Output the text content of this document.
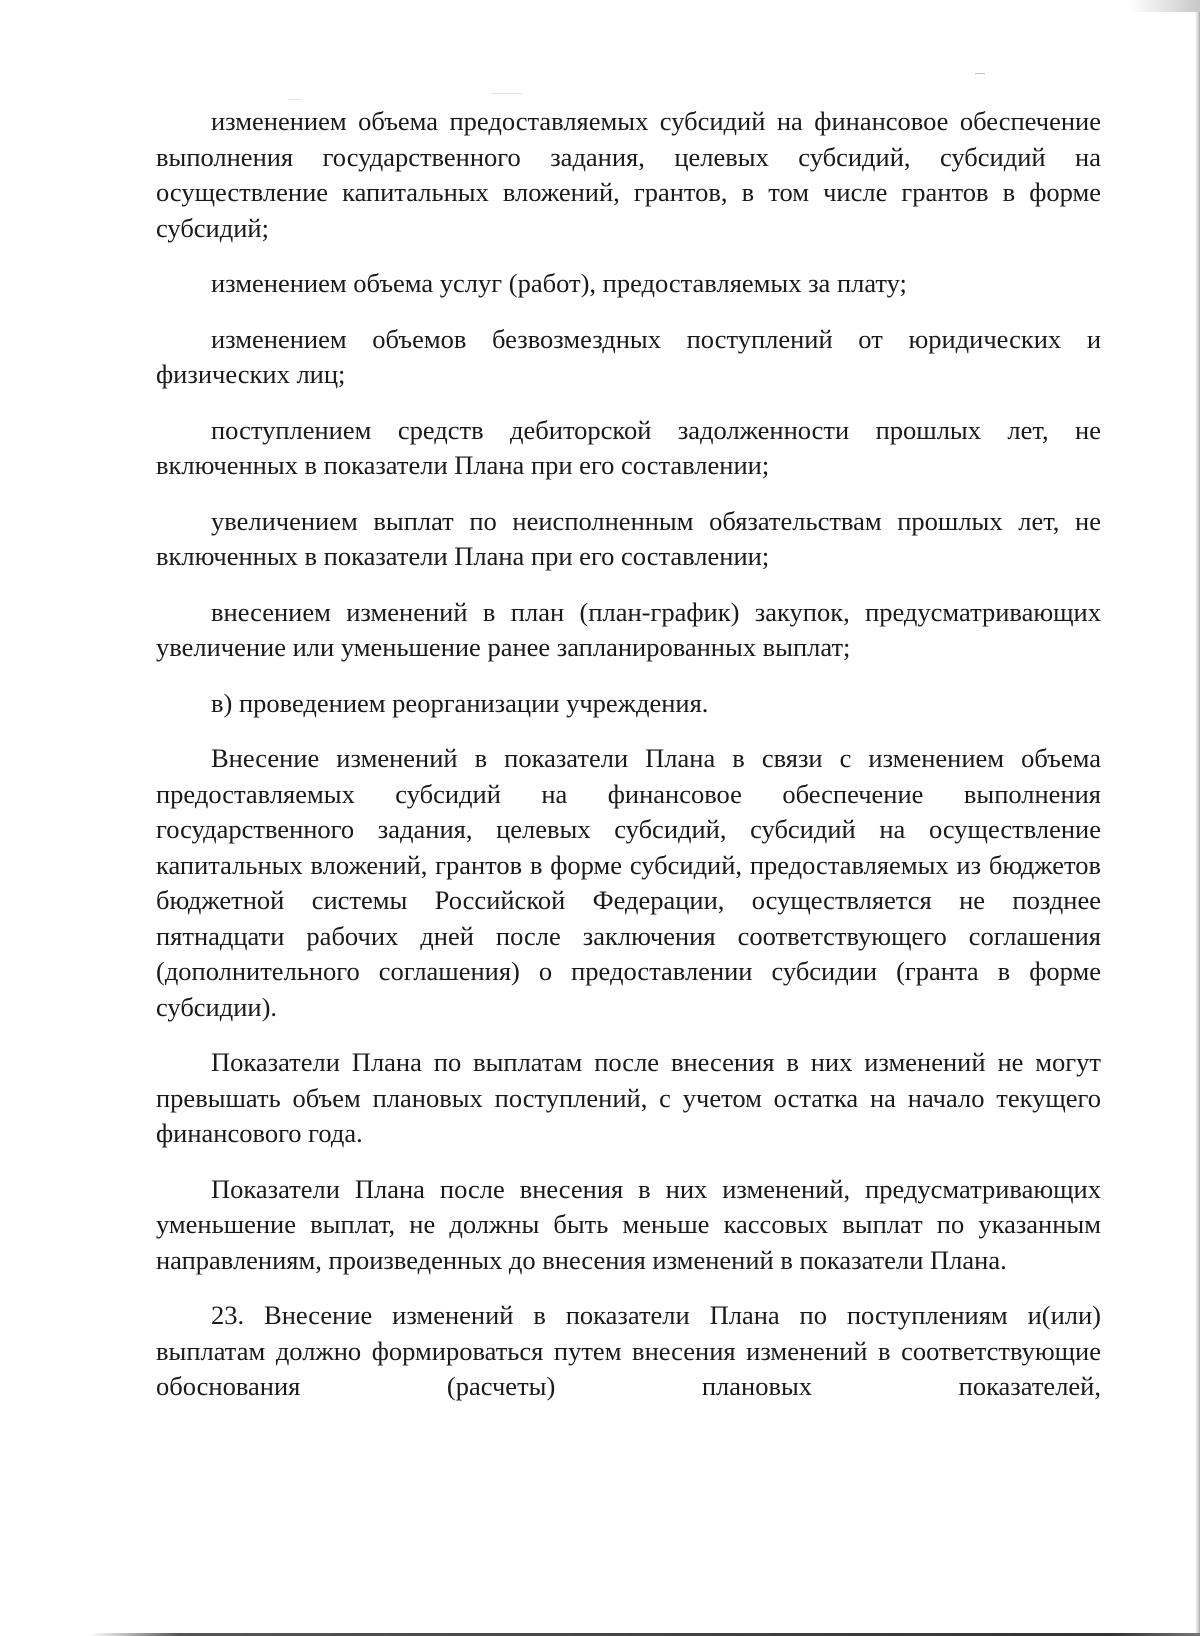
изменением объема предоставляемых субсидий на финансовое обеспечение выполнения государственного задания, целевых субсидий, субсидий на осуществление капитальных вложений, грантов, в том числе грантов в форме субсидий;

изменением объема услуг (работ), предоставляемых за плату;

изменением объемов безвозмездных поступлений от юридических и физических лиц;

поступлением средств дебиторской задолженности прошлых лет, не включенных в показатели Плана при его составлении;

увеличением выплат по неисполненным обязательствам прошлых лет, не включенных в показатели Плана при его составлении;

внесением изменений в план (план-график) закупок, предусматривающих увеличение или уменьшение ранее запланированных выплат;

в) проведением реорганизации учреждения.

Внесение изменений в показатели Плана в связи с изменением объема предоставляемых субсидий на финансовое обеспечение выполнения государственного задания, целевых субсидий, субсидий на осуществление капитальных вложений, грантов в форме субсидий, предоставляемых из бюджетов бюджетной системы Российской Федерации, осуществляется не позднее пятнадцати рабочих дней после заключения соответствующего соглашения (дополнительного соглашения) о предоставлении субсидии (гранта в форме субсидии).

Показатели Плана по выплатам после внесения в них изменений не могут превышать объем плановых поступлений, с учетом остатка на начало текущего финансового года.

Показатели Плана после внесения в них изменений, предусматривающих уменьшение выплат, не должны быть меньше кассовых выплат по указанным направлениям, произведенных до внесения изменений в показатели Плана.

23. Внесение изменений в показатели Плана по поступлениям и(или) выплатам должно формироваться путем внесения изменений в соответствующие обоснования (расчеты) плановых показателей,
